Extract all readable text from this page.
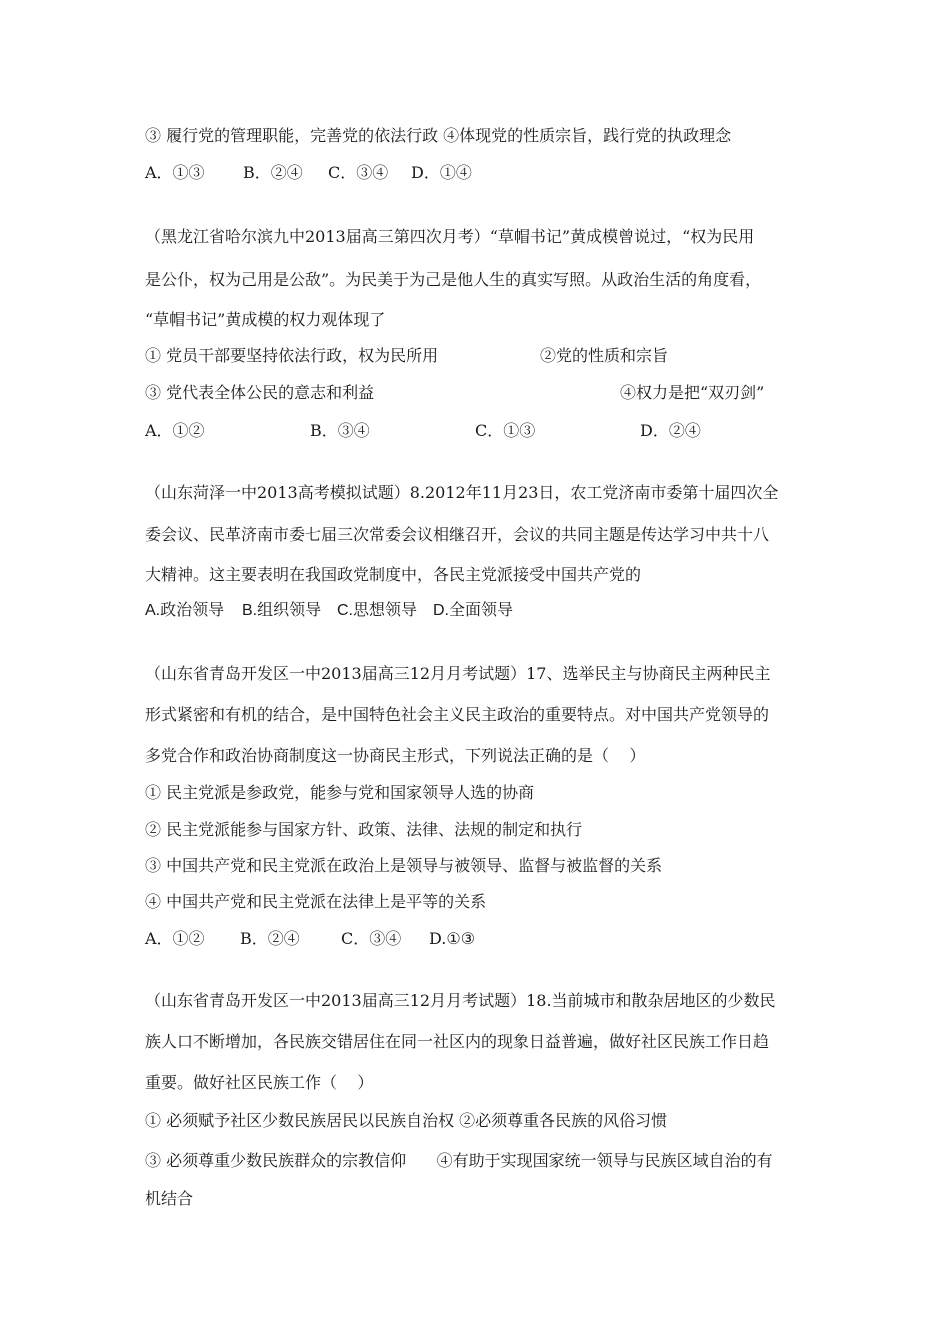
③ 履行党的管理职能，完善党的依法行政 ④体现党的性质宗旨，践行党的执政理念
A．①③ B．②④ C．③④ D．①④
（黑龙江省哈尔滨九中2013届高三第四次月考）“草帽书记”黄成模曾说过，“权为民用
是公仆，权为己用是公敌”。为民美于为己是他人生的真实写照。从政治生活的角度看，
“草帽书记”黄成模的权力观体现了
① 党员干部要坚持依法行政，权为民所用	②党的性质和宗旨
③ 党代表全体公民的意志和利益	④权力是把“双刃剑”
A．①②	B．③④	C．①③	D．②④
（山东菏泽一中2013高考模拟试题）8.2012年11月23日，农工党济南市委第十届四次全
委会议、民革济南市委七届三次常委会议相继召开，会议的共同主题是传达学习中共十八
大精神。这主要表明在我国政党制度中，各民主党派接受中国共产党的
A.政治领导 B.组织领导 C.思想领导 D.全面领导
（山东省青岛开发区一中2013届高三12月月考试题）17、选举民主与协商民主两种民主
形式紧密和有机的结合，是中国特色社会主义民主政治的重要特点。对中国共产党领导的
多党合作和政治协商制度这一协商民主形式，下列说法正确的是（    ）
① 民主党派是参政党，能参与党和国家领导人选的协商
② 民主党派能参与国家方针、政策、法律、法规的制定和执行
③ 中国共产党和民主党派在政治上是领导与被领导、监督与被监督的关系
④ 中国共产党和民主党派在法律上是平等的关系
A．①② B．②④	C．③④ D.①③
（山东省青岛开发区一中2013届高三12月月考试题）18.当前城市和散杂居地区的少数民
族人口不断增加，各民族交错居住在同一社区内的现象日益普遍，做好社区民族工作日趋
重要。做好社区民族工作（    ）
① 必须赋予社区少数民族居民以民族自治权 ②必须尊重各民族的风俗习惯
③ 必须尊重少数民族群众的宗教信仰      ④有助于实现国家统一领导与民族区域自治的有
机结合
